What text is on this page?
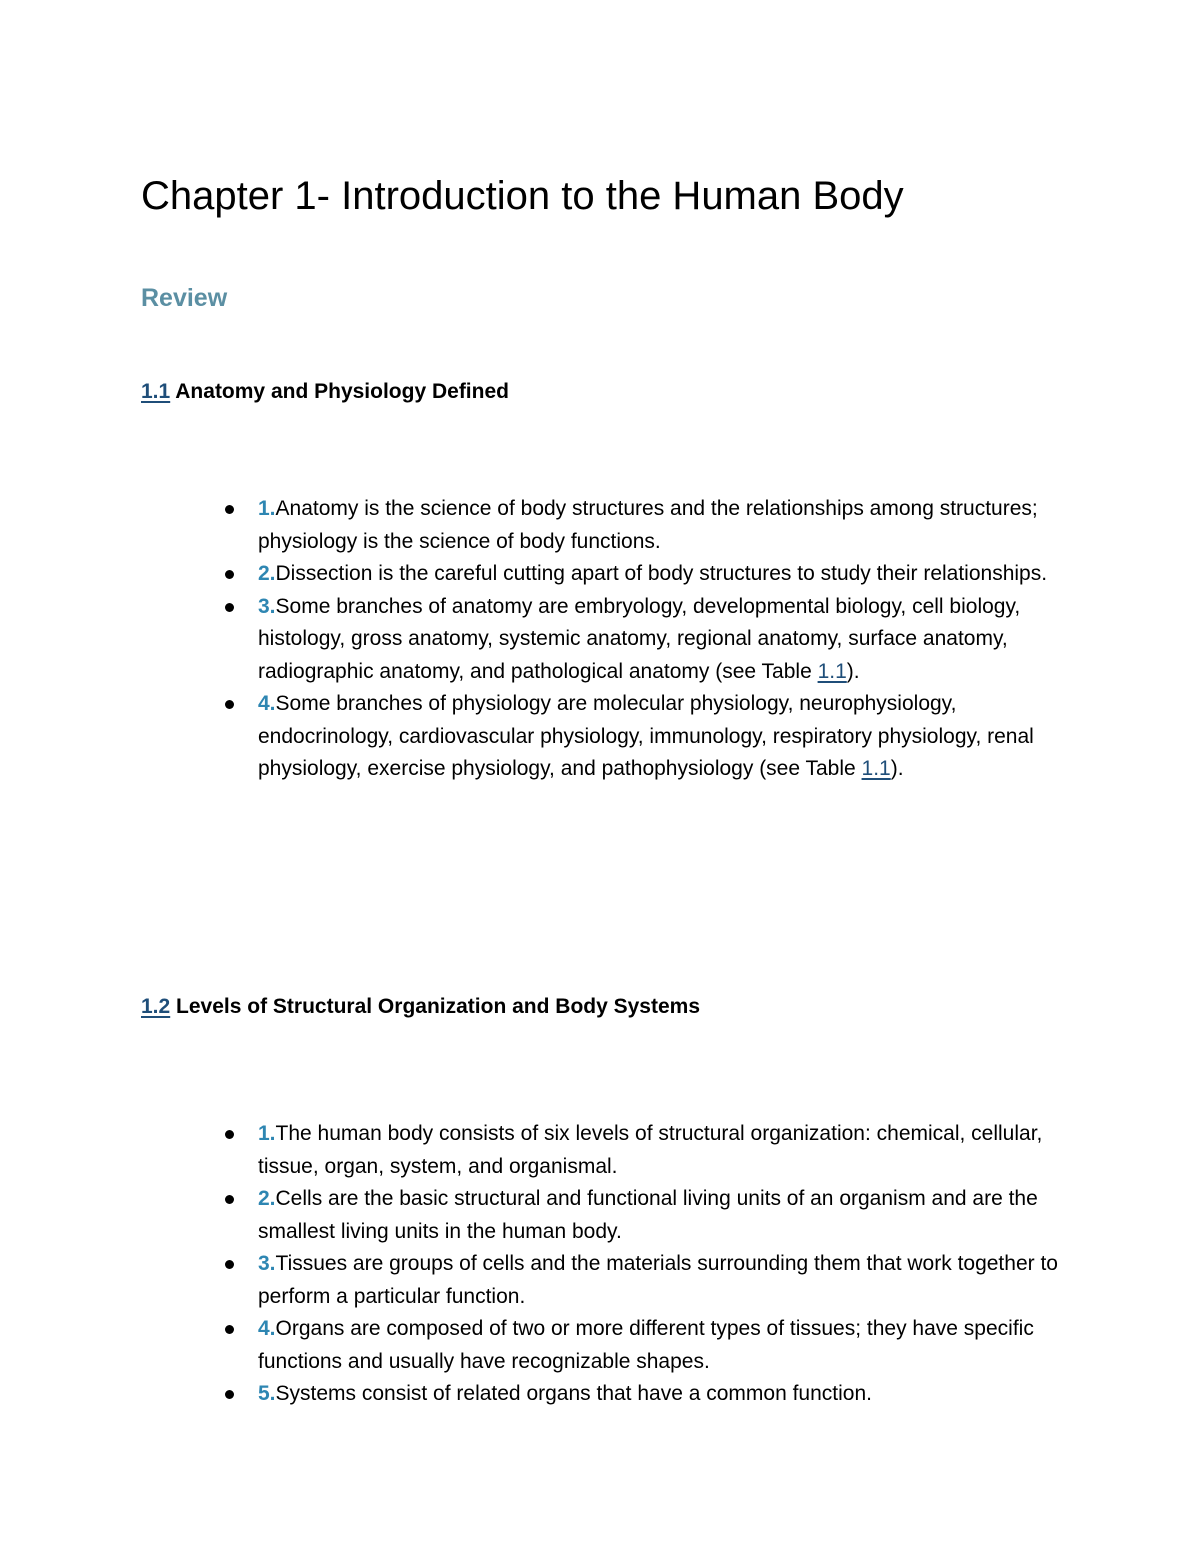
Chapter 1- Introduction to the Human Body
Review
1.1 Anatomy and Physiology Defined
1.Anatomy is the science of body structures and the relationships among structures; physiology is the science of body functions.
2.Dissection is the careful cutting apart of body structures to study their relationships.
3.Some branches of anatomy are embryology, developmental biology, cell biology, histology, gross anatomy, systemic anatomy, regional anatomy, surface anatomy, radiographic anatomy, and pathological anatomy (see Table 1.1).
4.Some branches of physiology are molecular physiology, neurophysiology, endocrinology, cardiovascular physiology, immunology, respiratory physiology, renal physiology, exercise physiology, and pathophysiology (see Table 1.1).
1.2 Levels of Structural Organization and Body Systems
1.The human body consists of six levels of structural organization: chemical, cellular, tissue, organ, system, and organismal.
2.Cells are the basic structural and functional living units of an organism and are the smallest living units in the human body.
3.Tissues are groups of cells and the materials surrounding them that work together to perform a particular function.
4.Organs are composed of two or more different types of tissues; they have specific functions and usually have recognizable shapes.
5.Systems consist of related organs that have a common function.
